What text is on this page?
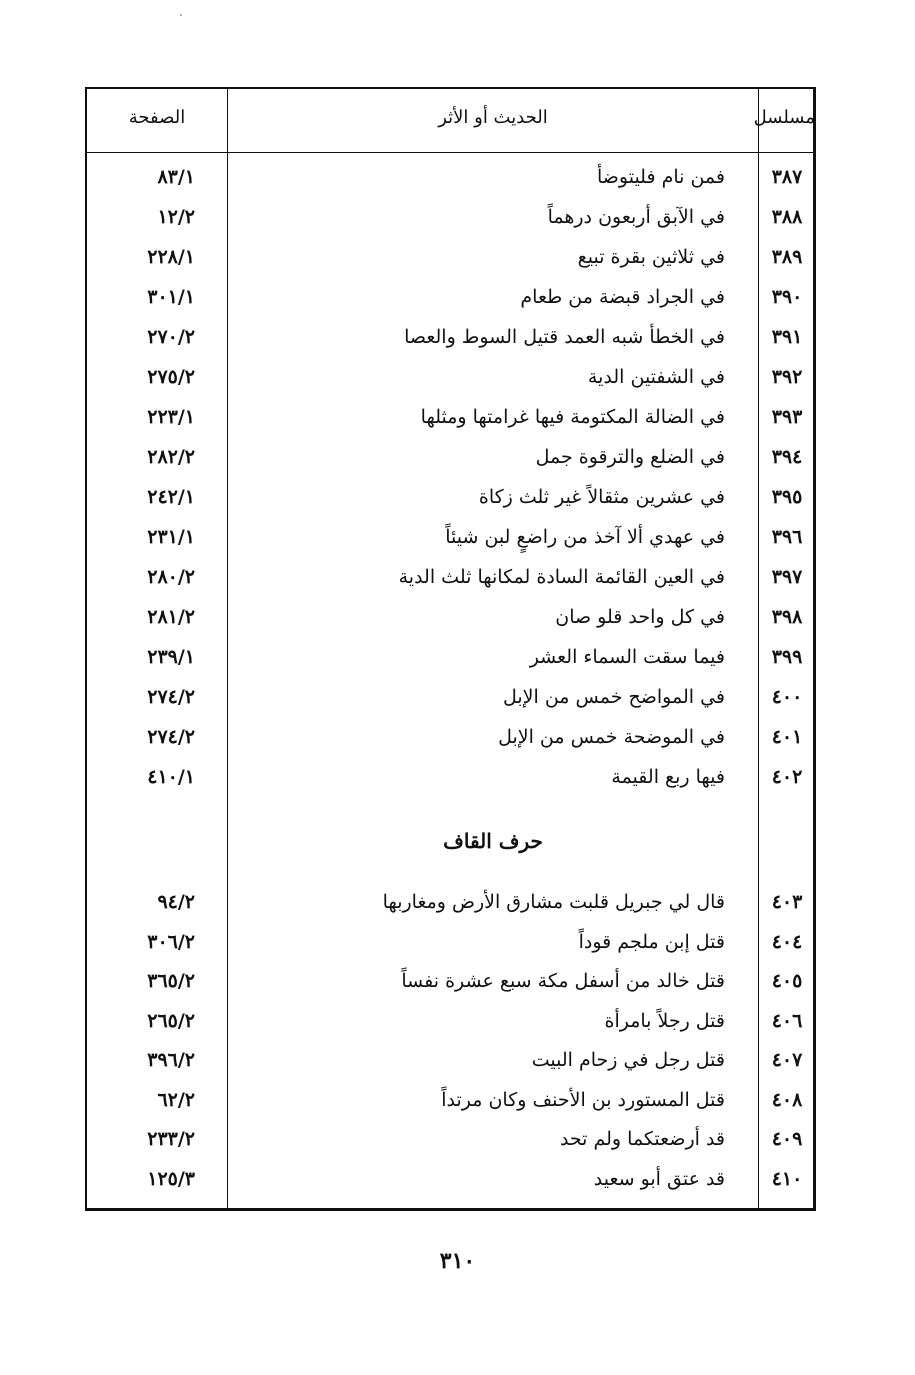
الصفحة	الحديث أو الأثر	مسلسل
٣٨٧
فمن نام فليتوضأ
٨٣/١
٣٨٨
في الآبق أربعون درهماً
١٢/٢
٣٨٩
في ثلاثين بقرة تبيع
٢٢٨/١
٣٩٠
في الجراد قبضة من طعام
٣٠١/١
٣٩١
في الخطأ شبه العمد قتيل السوط والعصا
٢٧٠/٢
٣٩٢
في الشفتين الدية
٢٧٥/٢
٣٩٣
في الضالة المكتومة فيها غرامتها ومثلها
٢٢٣/١
٣٩٤
في الضلع والترقوة جمل
٢٨٢/٢
٣٩٥
في عشرين مثقالاً غير ثلث زكاة
٢٤٢/١
٣٩٦
في عهدي ألا آخذ من راضعٍ لبن شيئاً
٢٣١/١
٣٩٧
في العين القائمة السادة لمكانها ثلث الدية
٢٨٠/٢
٣٩٨
في كل واحد قلو صان
٢٨١/٢
٣٩٩
فيما سقت السماء العشر
٢٣٩/١
٤٠٠
في المواضح خمس من الإبل
٢٧٤/٢
٤٠١
في الموضحة خمس من الإبل
٢٧٤/٢
٤٠٢
فيها ربع القيمة
٤١٠/١
حرف القاف
٤٠٣
قال لي جبريل قلبت مشارق الأرض ومغاربها
٩٤/٢
٤٠٤
قتل إبن ملجم قوداً
٣٠٦/٢
٤٠٥
قتل خالد من أسفل مكة سبع عشرة نفساً
٣٦٥/٢
٤٠٦
قتل رجلاً بامرأة
٢٦٥/٢
٤٠٧
قتل رجل في زحام البيت
٣٩٦/٢
٤٠٨
قتل المستورد بن الأحنف وكان مرتداً
٦٢/٢
٤٠٩
قد أرضعتكما ولم تحد
٢٣٣/٢
٤١٠
قد عتق أبو سعيد
١٢٥/٣
٣١٠
